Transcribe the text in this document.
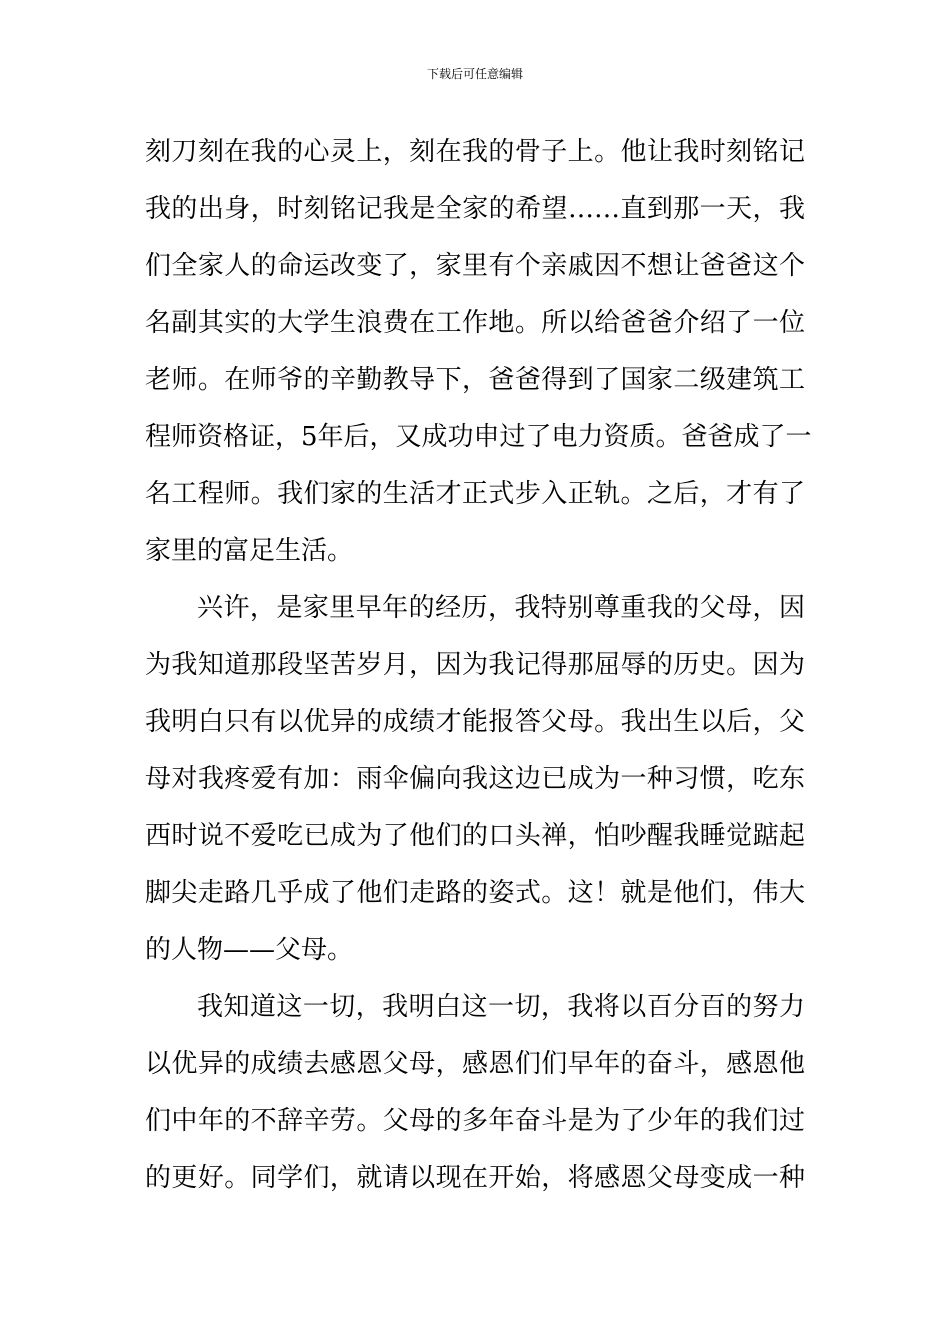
下载后可任意编辑
刻刀刻在我的心灵上，刻在我的骨子上。他让我时刻铭记
我的出身，时刻铭记我是全家的希望……直到那一天，我
们全家人的命运改变了，家里有个亲戚因不想让爸爸这个
名副其实的大学生浪费在工作地。所以给爸爸介绍了一位
老师。在师爷的辛勤教导下，爸爸得到了国家二级建筑工
程师资格证，5年后，又成功申过了电力资质。爸爸成了一
名工程师。我们家的生活才正式步入正轨。之后，才有了
家里的富足生活。
兴许，是家里早年的经历，我特别尊重我的父母，因
为我知道那段坚苦岁月，因为我记得那屈辱的历史。因为
我明白只有以优异的成绩才能报答父母。我出生以后，父
母对我疼爱有加：雨伞偏向我这边已成为一种习惯，吃东
西时说不爱吃已成为了他们的口头禅，怕吵醒我睡觉踮起
脚尖走路几乎成了他们走路的姿式。这！就是他们，伟大
的人物——父母。
我知道这一切，我明白这一切，我将以百分百的努力
以优异的成绩去感恩父母，感恩们们早年的奋斗，感恩他
们中年的不辞辛劳。父母的多年奋斗是为了少年的我们过
的更好。同学们，就请以现在开始，将感恩父母变成一种
